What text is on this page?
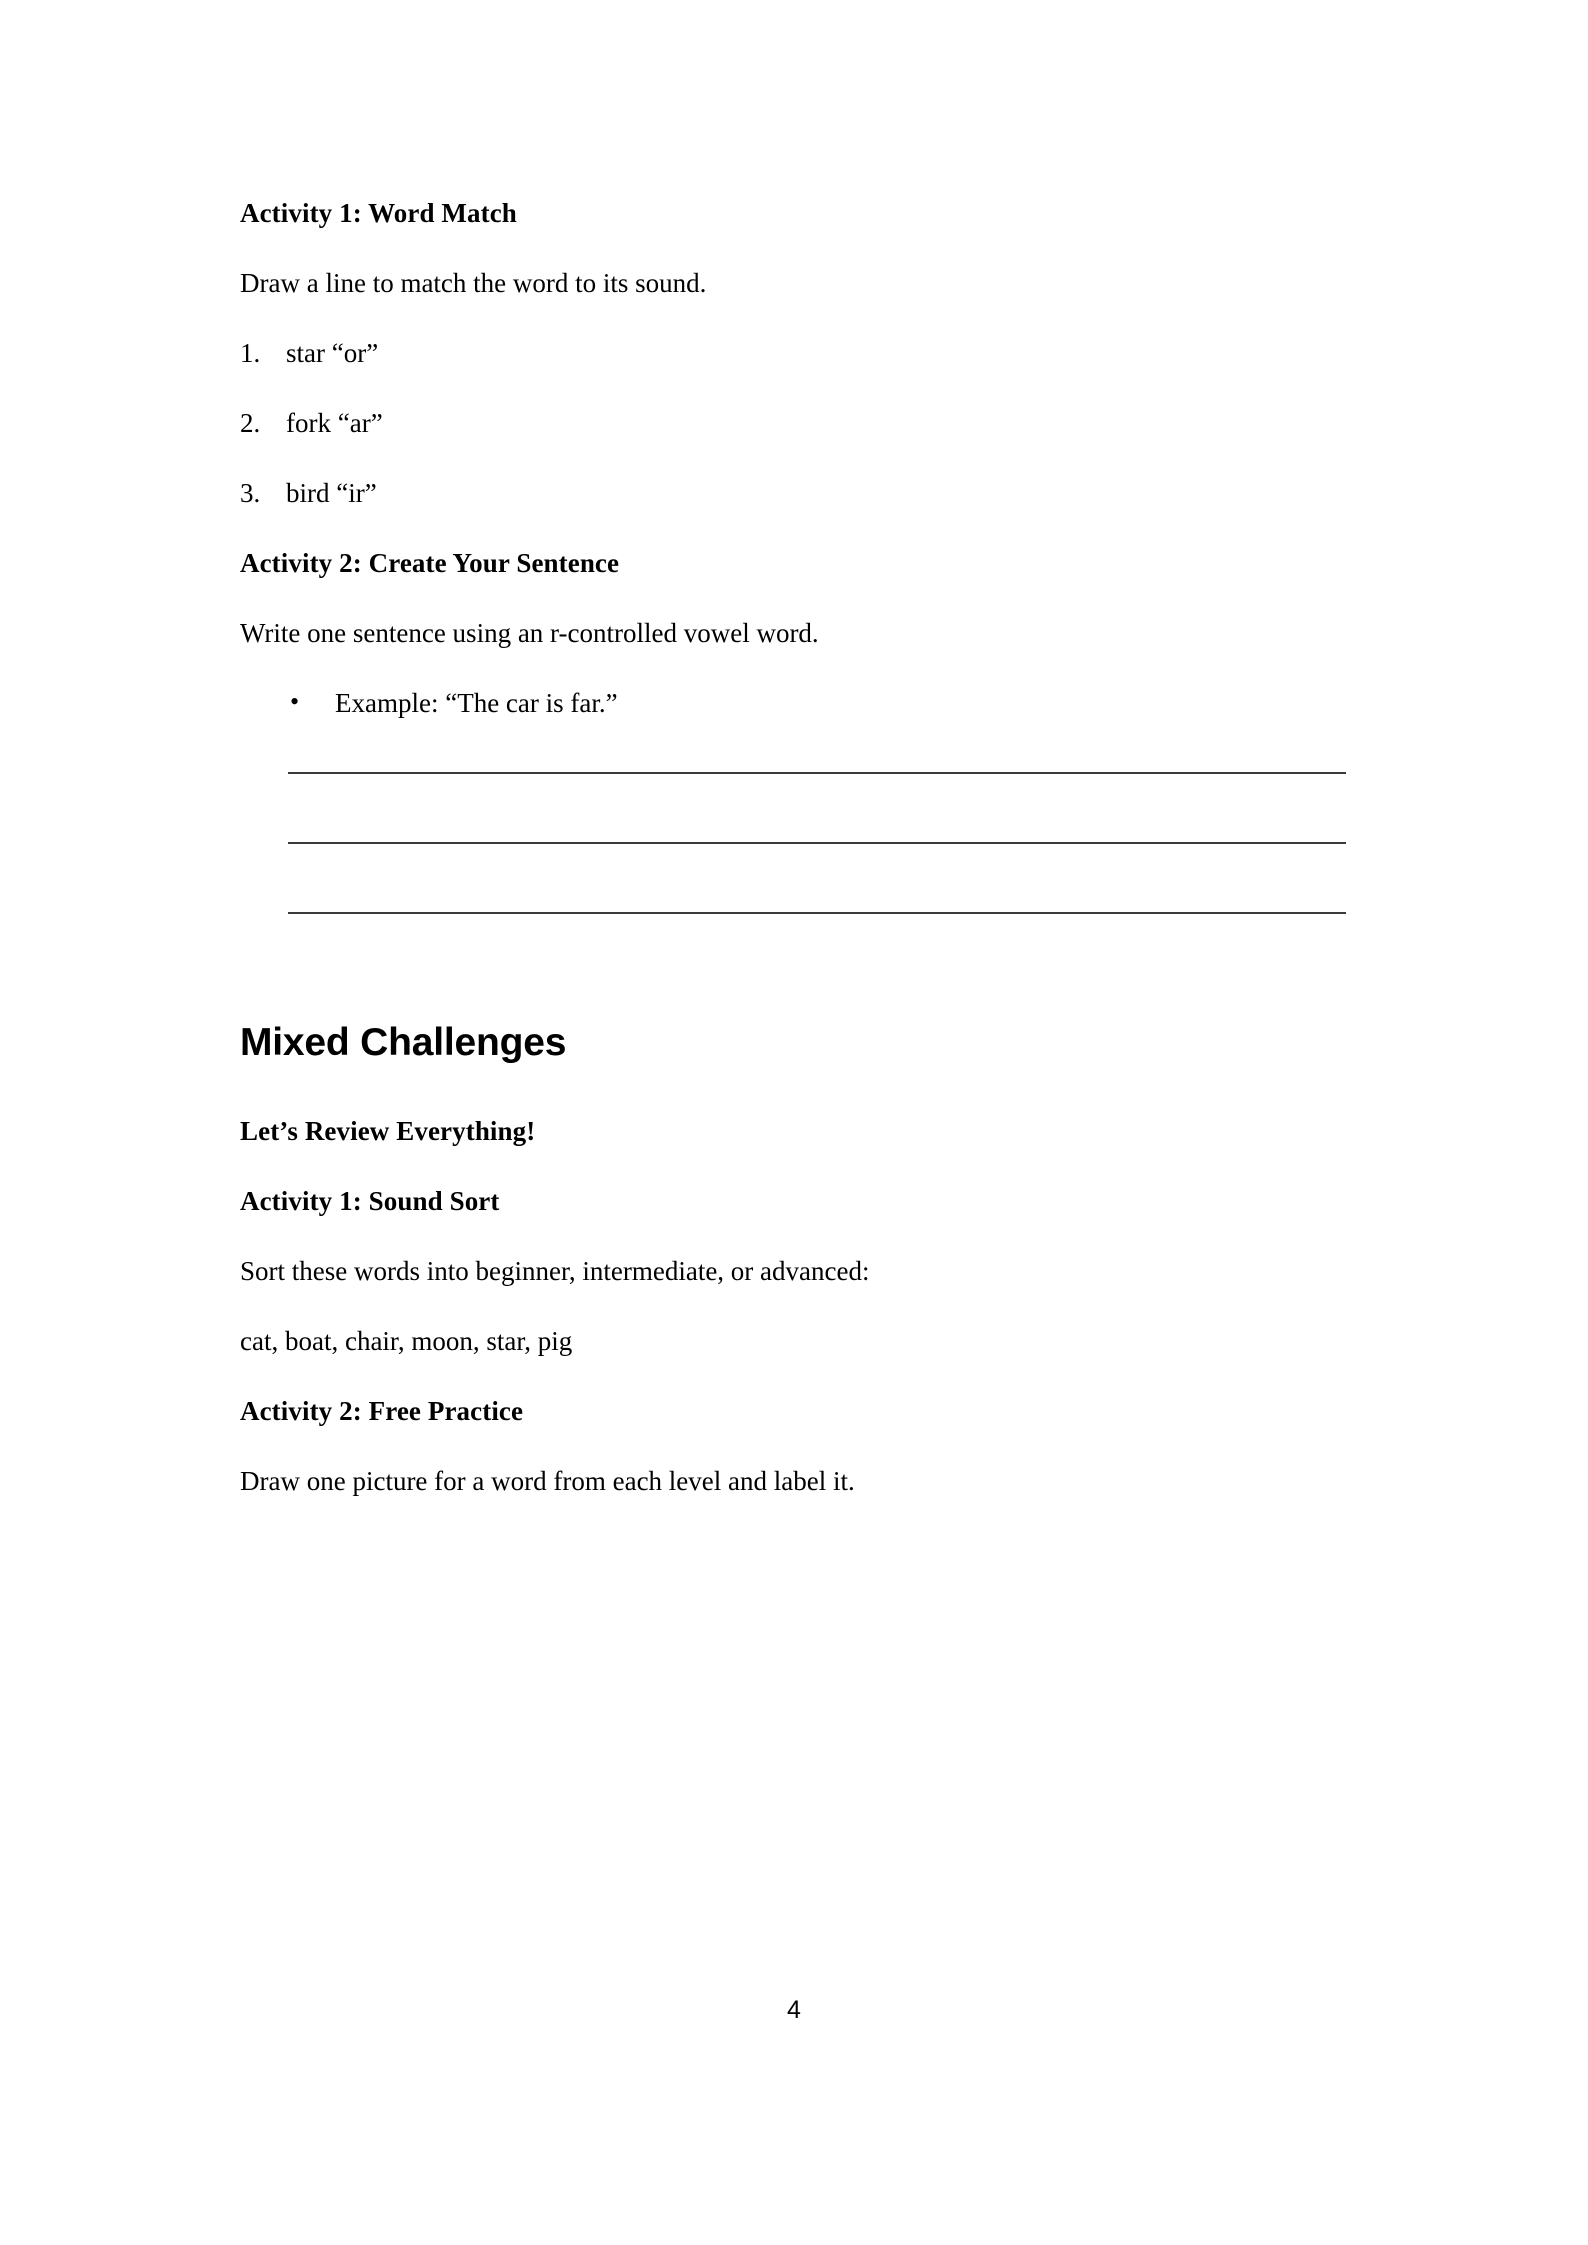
Activity 1: Word Match

Draw a line to match the word to its sound.

1. star “or”
2. fork “ar”
3. bird “ir”
Activity 2: Create Your Sentence

Write one sentence using an r-controlled vowel word.

• Example: “The car is far.”
Mixed Challenges
Let’s Review Everything!
Activity 1: Sound Sort

Sort these words into beginner, intermediate, or advanced:

cat, boat, chair, moon, star, pig

Activity 2: Free Practice

Draw one picture for a word from each level and label it.

4
